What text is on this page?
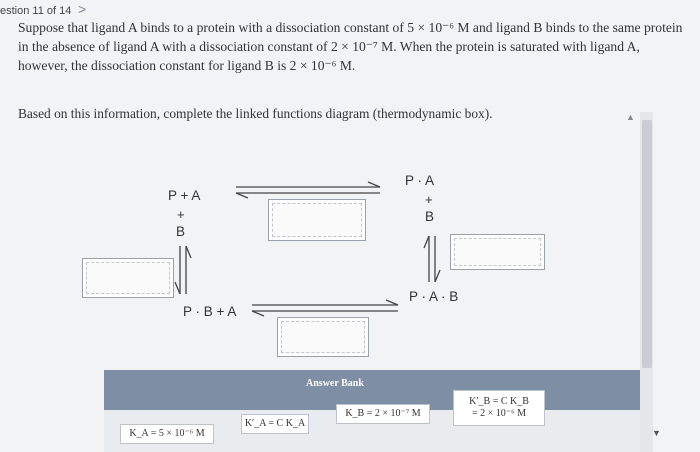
estion 11 of 14 >
Suppose that ligand A binds to a protein with a dissociation constant of 5 × 10⁻⁶ M and ligand B binds to the same protein in the absence of ligand A with a dissociation constant of 2 × 10⁻⁷ M. When the protein is saturated with ligand A, however, the dissociation constant for ligand B is 2 × 10⁻⁶ M.
Based on this information, complete the linked functions diagram (thermodynamic box).
P + A
+
B
P · A
+
B
P · B + A
P · A · B
Answer Bank
K_A = 5 × 10⁻⁶ M
K′_A = C K_A
K_B = 2 × 10⁻⁷ M
K′_B = C K_B
= 2 × 10⁻⁶ M
▲
▼
